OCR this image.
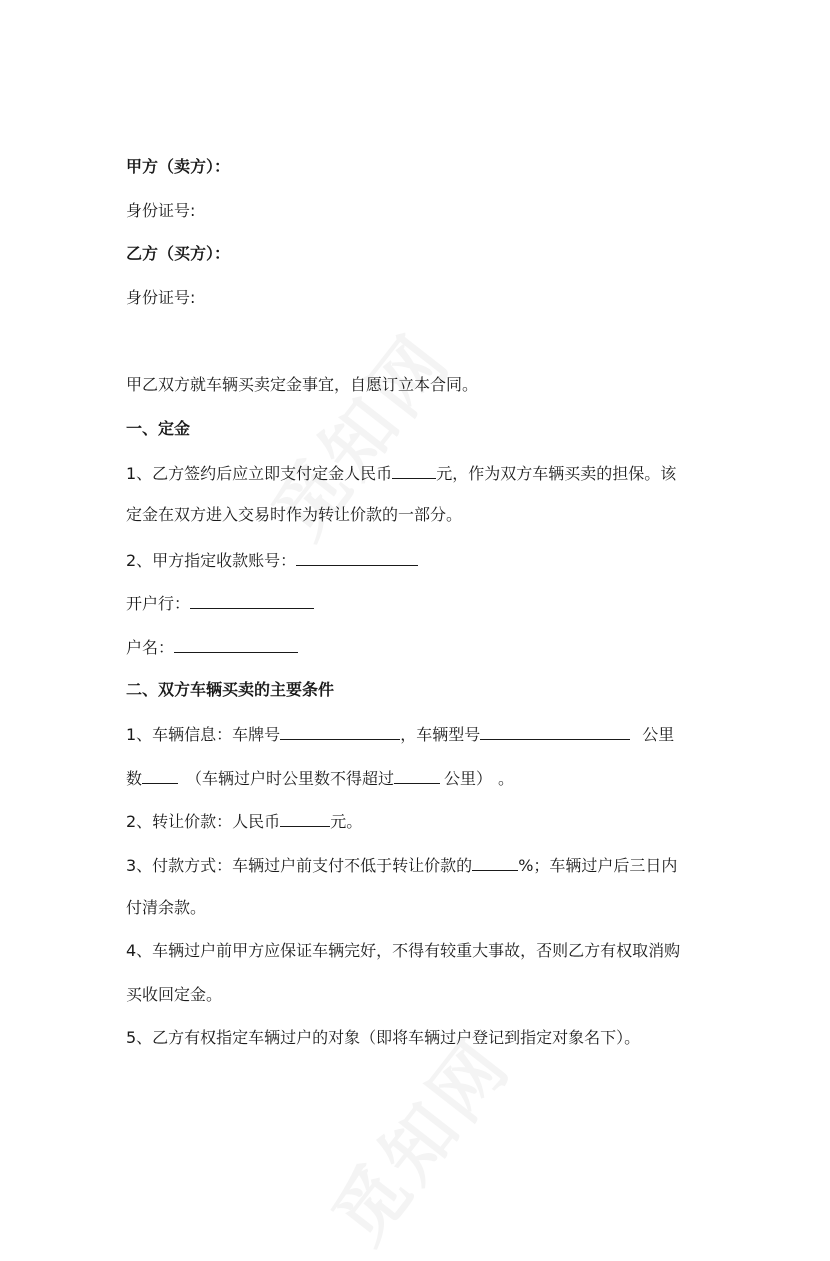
甲方（卖方）：
身份证号:
乙方（买方）：
身份证号:
甲乙双方就车辆买卖定金事宜，自愿订立本合同。
一、定金
1、乙方签约后应立即支付定金人民币	元，作为双方车辆买卖的担保。该
定金在双方进入交易时作为转让价款的一部分。
2、甲方指定收款账号：
开户行：
户名：
二、双方车辆买卖的主要条件
1、车辆信息：车牌号	，车辆型号	公里
数	（车辆过户时公里数不得超过	公里） 。
2、转让价款：人民币	元。
3、付款方式：车辆过户前支付不低于转让价款的	%；车辆过户后三日内
付清余款。
4、车辆过户前甲方应保证车辆完好，不得有较重大事故，否则乙方有权取消购
买收回定金。
5、乙方有权指定车辆过户的对象（即将车辆过户登记到指定对象名下）。
